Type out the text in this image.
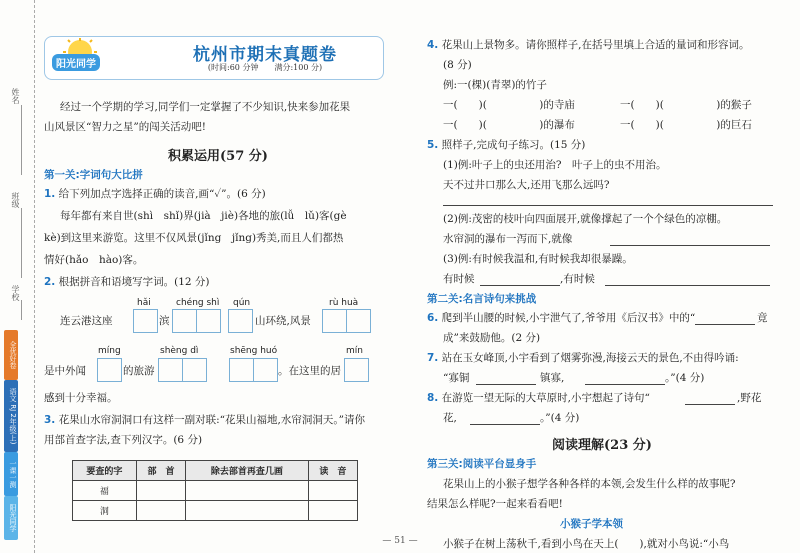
姓名
班级
学校
全优好卷
语文 RJ 2年级(上)
一课一测
阳光同学
阳光同学	杭州市期末真题卷
(时间:60 分钟　　满分:100 分)
经过一个学期的学习,同学们一定掌握了不少知识,快来参加花果
山风景区“智力之星”的闯关活动吧!
积累运用(57 分)
第一关:字词句大比拼
1. 给下列加点字选择正确的读音,画“✓”。(6 分)
每年都有来自世(shì　shǐ)界(jià　jiè)各地的旅(lǚ　lǔ)客(gè
kè)到这里来游览。这里不仅风景(jǐng　jǐng)秀美,而且人们都热
情好(hǎo　hào)客。
2. 根据拼音和语境写字词。(12 分)
hǎi	chéng shì qún	rù huà
连云港这座	滨	山环绕,风景
míng	shèng dì	shēng huó	mín
是中外闻	的旅游	。在这里的居
感到十分幸福。
3. 花果山水帘洞洞口有这样一副对联:“花果山福地,水帘洞洞天。”请你
用部首查字法,查下列汉字。(6 分)
要查的字	部　首	除去部首再查几画	读　音
福			
洞			
4. 花果山上景物多。请你照样子,在括号里填上合适的量词和形容词。
(8 分)
例:一(棵)(青翠)的竹子
一(　　)(　　　　　)的寺庙	一(　　)(　　　　　)的猴子
一(　　)(　　　　　)的瀑布	一(　　)(　　　　　)的巨石
5. 照样子,完成句子练习。(15 分)
(1)例:叶子上的虫还用治?　叶子上的虫不用治。
天不过井口那么大,还用飞那么远吗?
(2)例:茂密的枝叶向四面展开,就像撑起了一个个绿色的凉棚。
水帘洞的瀑布一泻而下,就像
(3)例:有时候我温和,有时候我却很暴躁。
有时候	,有时候
第二关:名言诗句来挑战
6. 爬到半山腰的时候,小宇泄气了,爷爷用《后汉书》中的“	竟
成”来鼓励他。(2 分)
7. 站在玉女峰顶,小宇看到了烟雾弥漫,海接云天的景色,不由得吟诵:
“寡铜	镇寡,	。”(4 分)
8. 在游览一望无际的大草原时,小宇想起了诗句“	,野花
花,	。”(4 分)
阅读理解(23 分)
第三关:阅读平台显身手
花果山上的小猴子想学各种各样的本领,会发生什么样的故事呢?
结果怎么样呢?一起来看看吧!
小猴子学本领
小猴子在树上荡秋千,看到小鸟在天上(　　),就对小鸟说:“小鸟
— 51 —
